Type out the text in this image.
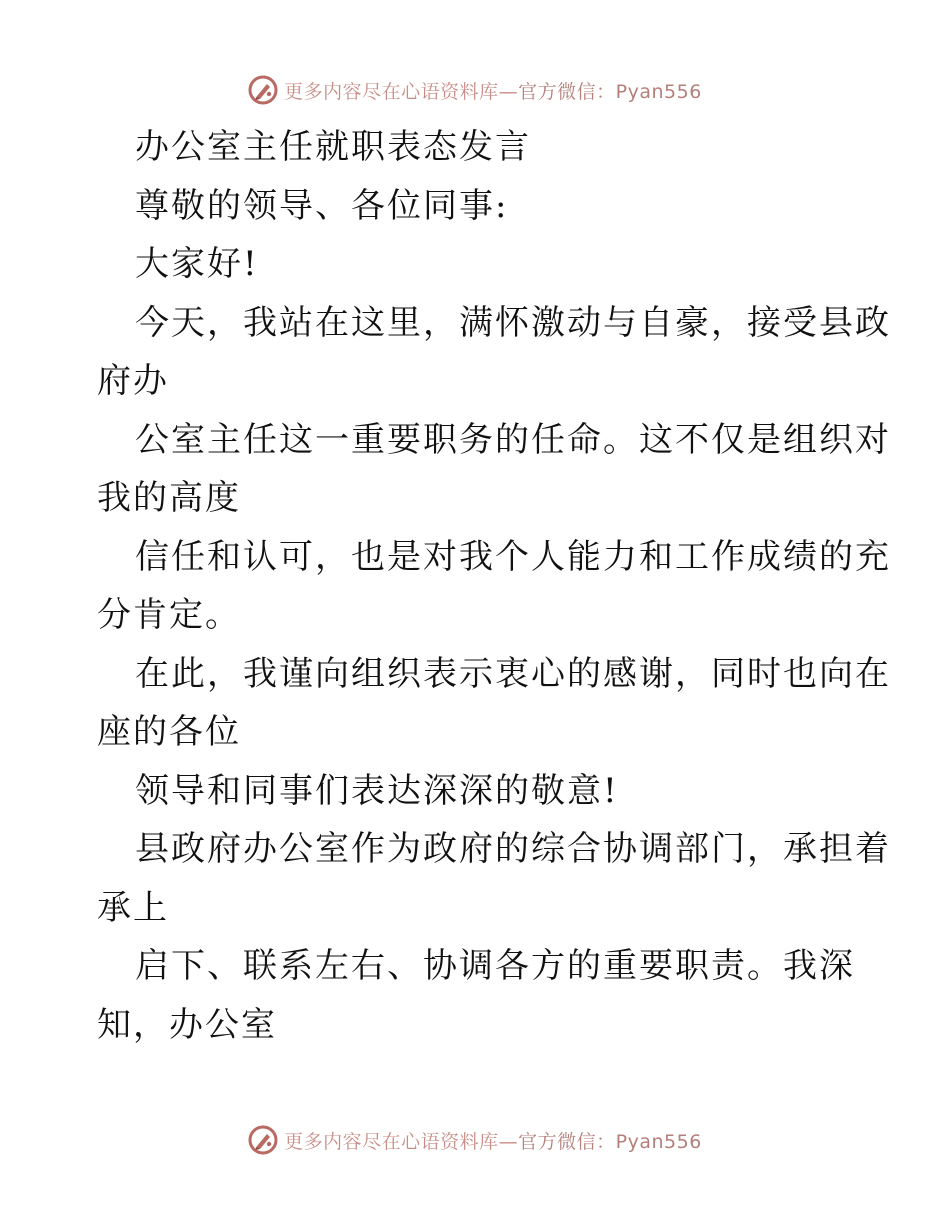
更多内容尽在心语资料库—官方微信：Pyan556
办公室主任就职表态发言
尊敬的领导、各位同事:
大家好!
今天，我站在这里，满怀激动与自豪，接受县政
府办
公室主任这一重要职务的任命。这不仅是组织对
我的高度
信任和认可，也是对我个人能力和工作成绩的充
分肯定。
在此，我谨向组织表示衷心的感谢，同时也向在
座的各位
领导和同事们表达深深的敬意!
县政府办公室作为政府的综合协调部门，承担着
承上
启下、联系左右、协调各方的重要职责。我深
知，办公室
更多内容尽在心语资料库—官方微信：Pyan556
